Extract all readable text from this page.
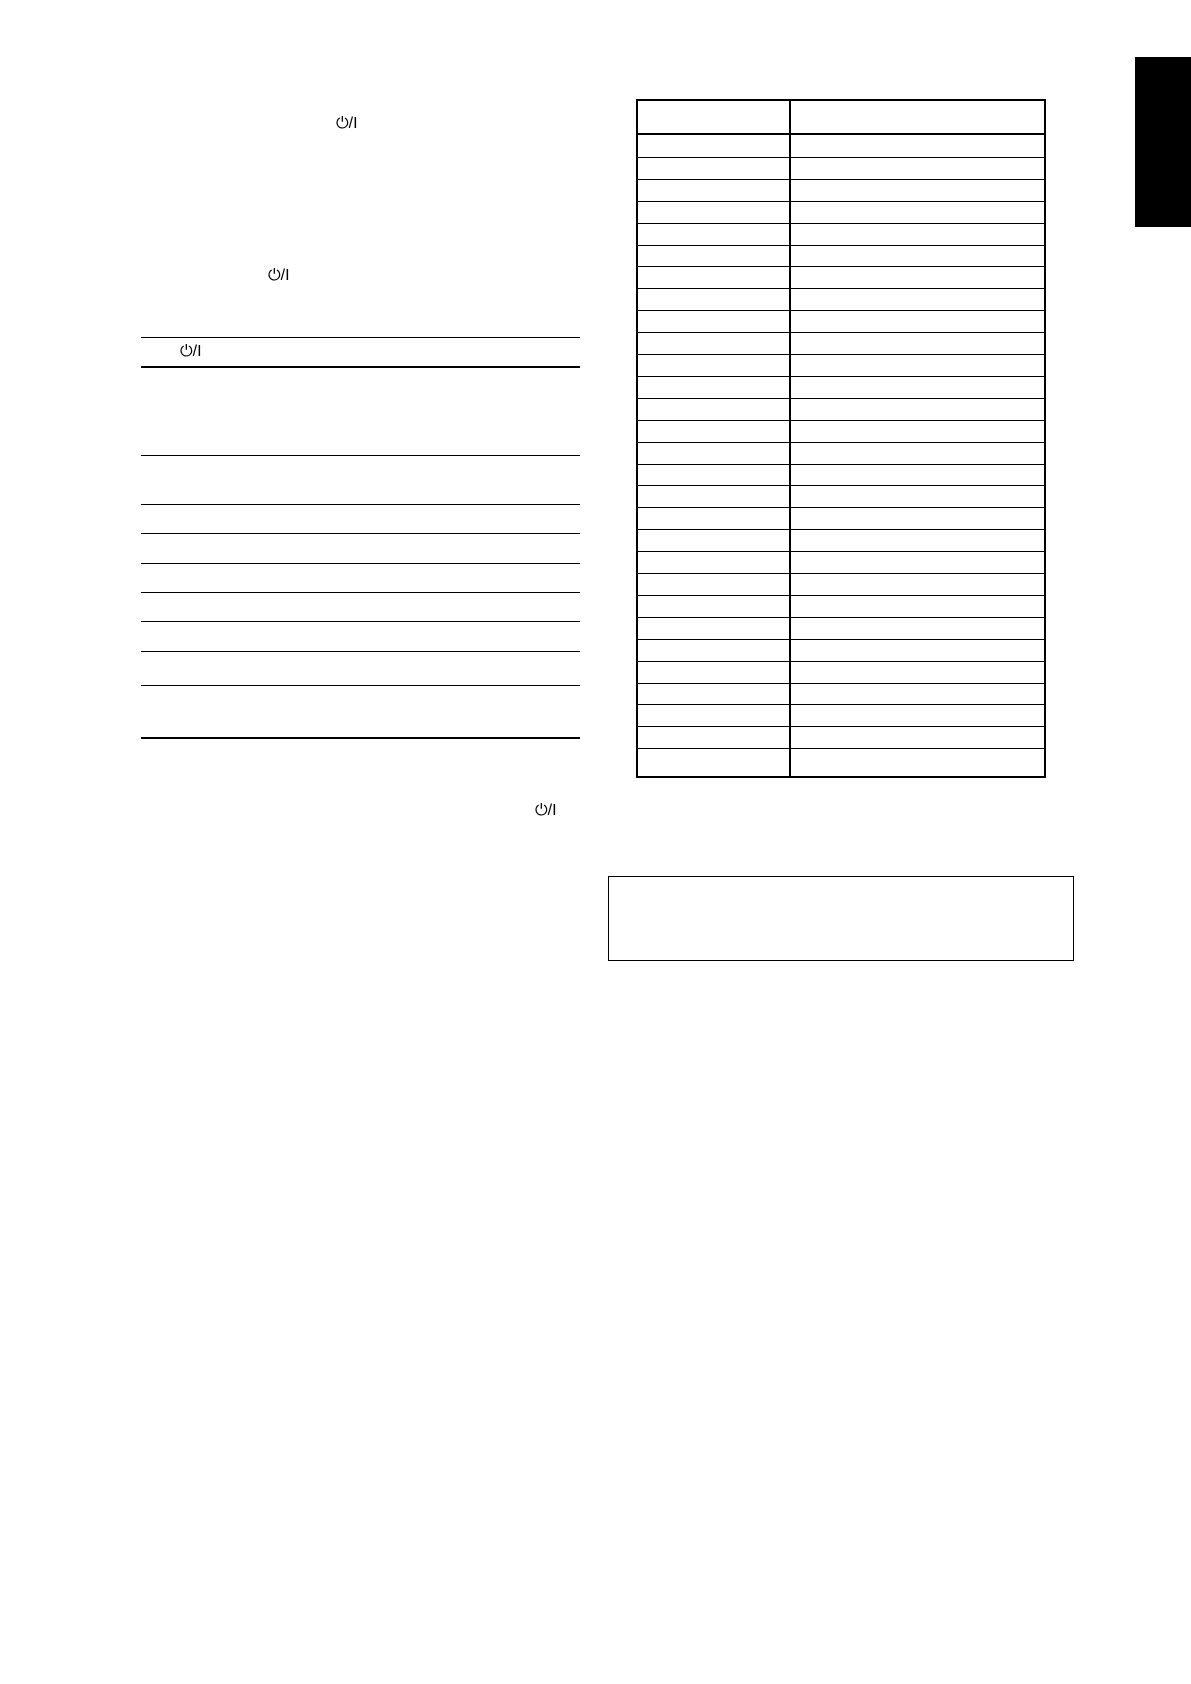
⏻/I
⏻/I
⏻/I
⏻/I
